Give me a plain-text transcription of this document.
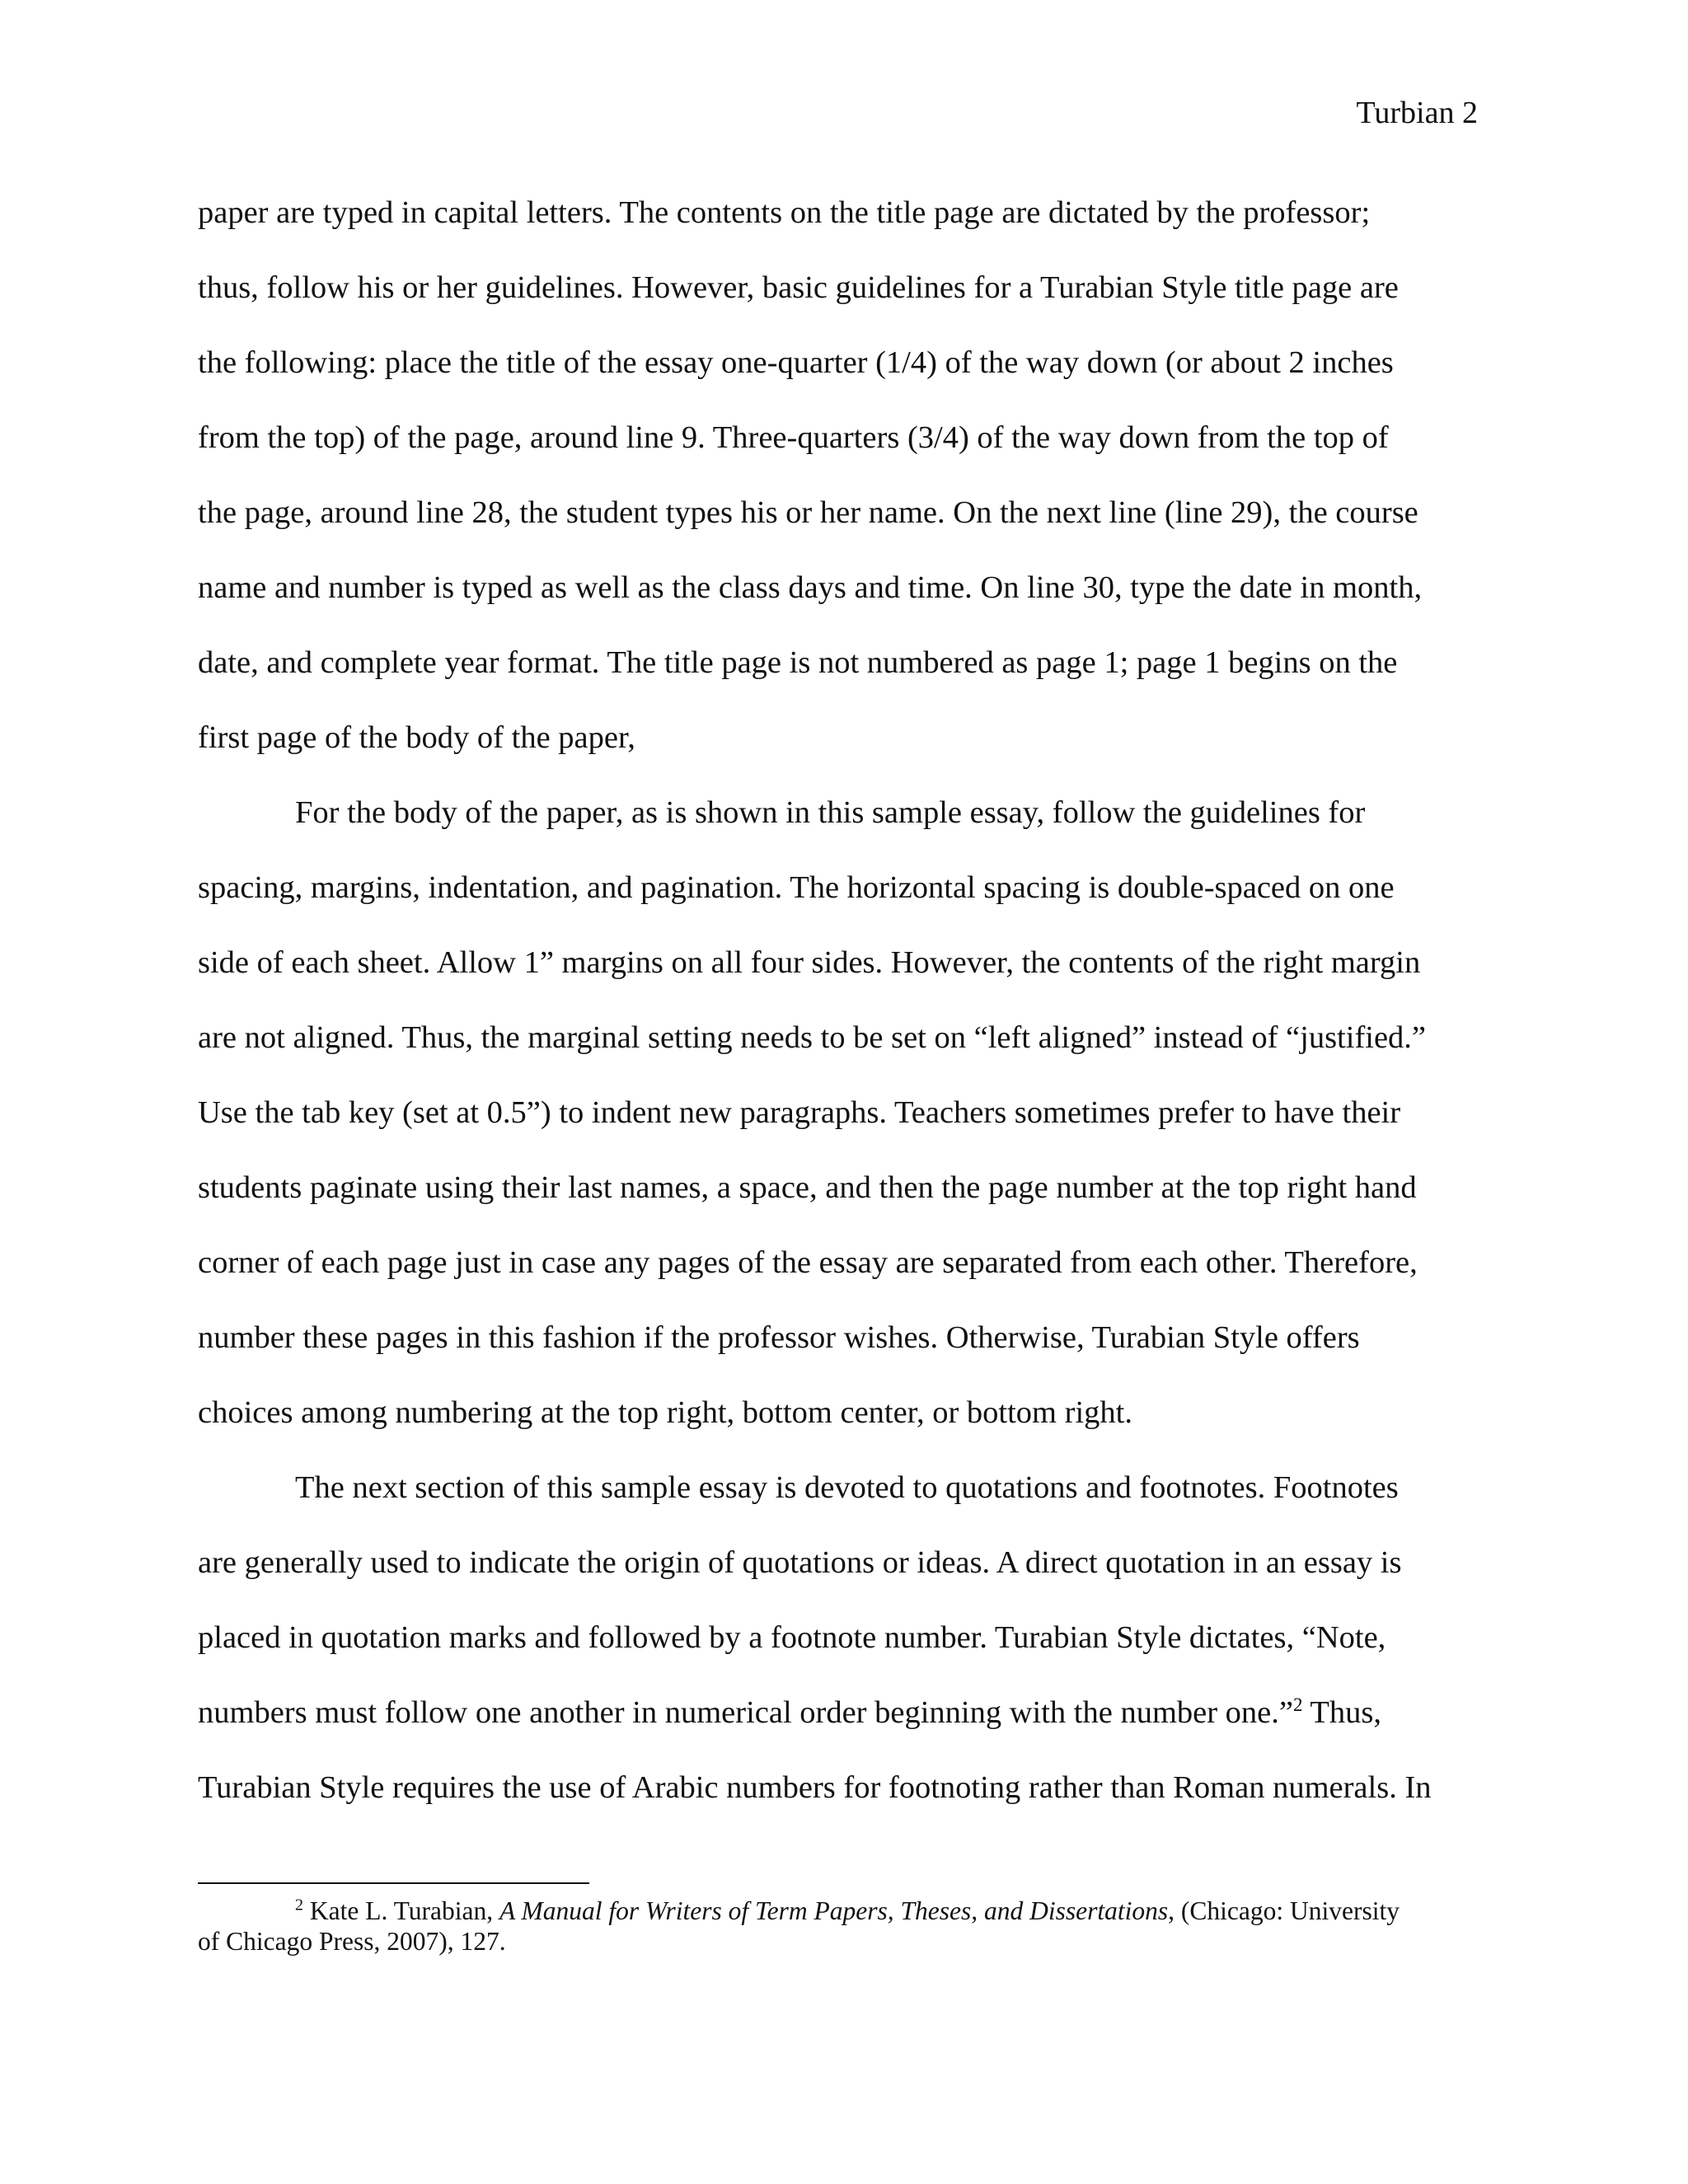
Turbian 2
paper are typed in capital letters. The contents on the title page are dictated by the professor;
thus, follow his or her guidelines. However, basic guidelines for a Turabian Style title page are
the following: place the title of the essay one-quarter (1/4) of the way down (or about 2 inches
from the top) of the page, around line 9. Three-quarters (3/4) of the way down from the top of
the page, around line 28, the student types his or her name. On the next line (line 29), the course
name and number is typed as well as the class days and time. On line 30, type the date in month,
date, and complete year format. The title page is not numbered as page 1; page 1 begins on the
first page of the body of the paper,
For the body of the paper, as is shown in this sample essay, follow the guidelines for
spacing, margins, indentation, and pagination. The horizontal spacing is double-spaced on one
side of each sheet. Allow 1” margins on all four sides. However, the contents of the right margin
are not aligned. Thus, the marginal setting needs to be set on “left aligned” instead of “justified.”
Use the tab key (set at 0.5”) to indent new paragraphs. Teachers sometimes prefer to have their
students paginate using their last names, a space, and then the page number at the top right hand
corner of each page just in case any pages of the essay are separated from each other. Therefore,
number these pages in this fashion if the professor wishes. Otherwise, Turabian Style offers
choices among numbering at the top right, bottom center, or bottom right.
The next section of this sample essay is devoted to quotations and footnotes. Footnotes
are generally used to indicate the origin of quotations or ideas. A direct quotation in an essay is
placed in quotation marks and followed by a footnote number. Turabian Style dictates, “Note,
numbers must follow one another in numerical order beginning with the number one.”$^2$ Thus,
Turabian Style requires the use of Arabic numbers for footnoting rather than Roman numerals. In
$^2$ Kate L. Turabian, A Manual for Writers of Term Papers, Theses, and Dissertations, (Chicago: University
of Chicago Press, 2007), 127.
